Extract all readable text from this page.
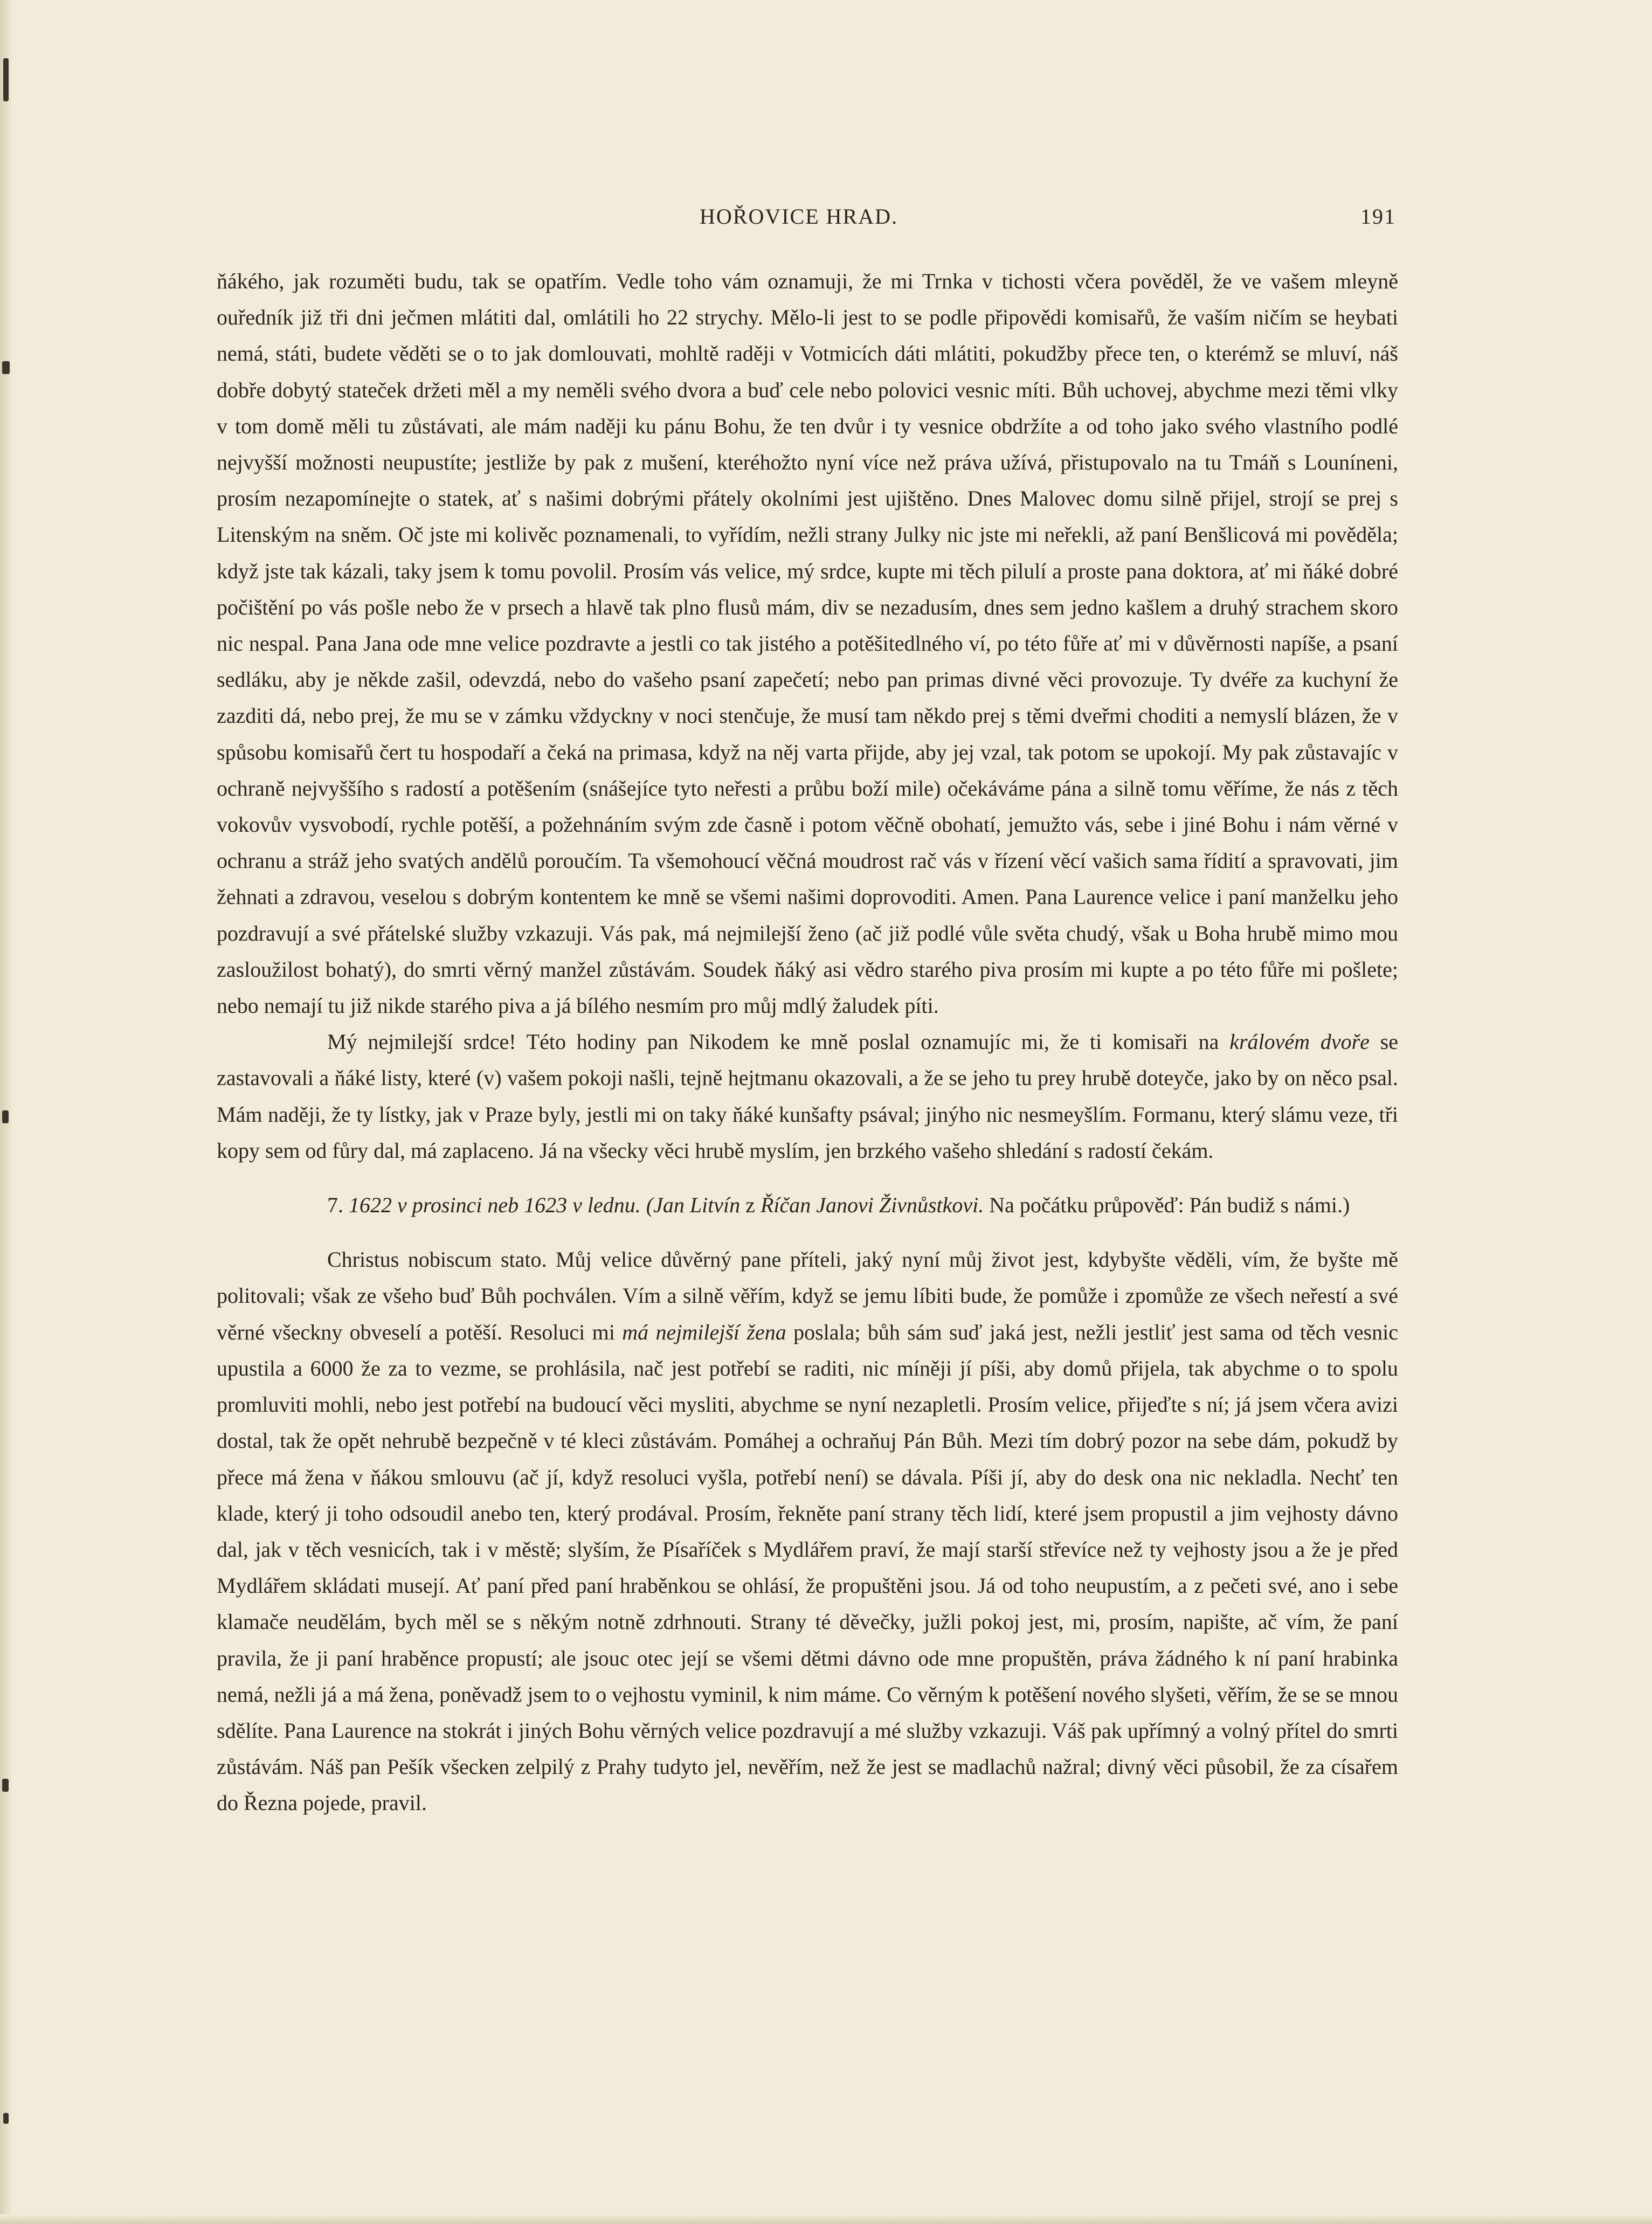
HOŘOVICE HRAD.	191

ňákého, jak rozuměti budu, tak se opatřím. Vedle toho vám oznamuji, že mi Trnka v tichosti včera pověděl, že ve vašem mleyně ouředník již tři dni ječmen mlátiti dal, omlátili ho 22 strychy. Mělo-li jest to se podle připovědi komisařů, že vaším ničím se heybati nemá, státi, budete věděti se o to jak domlouvati, mohltě raději v Votmicích dáti mlátiti, pokudžby přece ten, o kterémž se mluví, náš dobře dobytý stateček držeti měl a my neměli svého dvora a buď cele nebo polovici vesnic míti. Bůh uchovej, abychme mezi těmi vlky v tom domě měli tu zůstávati, ale mám naději ku pánu Bohu, že ten dvůr i ty vesnice obdržíte a od toho jako svého vlastního podlé nejvyšší možnosti neupustíte; jestliže by pak z mušení, kteréhožto nyní více než práva užívá, přistupovalo na tu Tmáň s Louníneni, prosím nezapomínejte o statek, ať s našimi dobrými přátely okolními jest ujištěno. Dnes Malovec domu silně přijel, strojí se prej s Litenským na sněm. Oč jste mi kolivěc poznamenali, to vyřídím, nežli strany Julky nic jste mi neřekli, až paní Benšlicová mi pověděla; když jste tak kázali, taky jsem k tomu povolil. Prosím vás velice, mý srdce, kupte mi těch pilulí a proste pana doktora, ať mi ňáké dobré počištění po vás pošle nebo že v prsech a hlavě tak plno flusů mám, div se nezadusím, dnes sem jedno kašlem a druhý strachem skoro nic nespal. Pana Jana ode mne velice pozdravte a jestli co tak jistého a potěšitedlného ví, po této fůře ať mi v důvěrnosti napíše, a psaní sedláku, aby je někde zašil, odevzdá, nebo do vašeho psaní zapečetí; nebo pan primas divné věci provozuje. Ty dvéře za kuchyní že zazditi dá, nebo prej, že mu se v zámku vždyckny v noci stenčuje, že musí tam někdo prej s těmi dveřmi choditi a nemyslí blázen, že v spůsobu komisařů čert tu hospodaří a čeká na primasa, když na něj varta přijde, aby jej vzal, tak potom se upokojí. My pak zůstavajíc v ochraně nejvyššího s radostí a potěšením (snášejíce tyto neřesti a průbu boží mile) očekáváme pána a silně tomu věříme, že nás z těch vokovův vysvobodí, rychle potěší, a požehnáním svým zde časně i potom věčně obohatí, jemužto vás, sebe i jiné Bohu i nám věrné v ochranu a stráž jeho svatých andělů poroučím. Ta všemohoucí věčná moudrost rač vás v řízení věcí vašich sama řídití a spravovati, jim žehnati a zdravou, veselou s dobrým kontentem ke mně se všemi našimi doprovoditi. Amen. Pana Laurence velice i paní manželku jeho pozdravují a své přátelské služby vzkazuji. Vás pak, má nejmilejší ženo (ač již podlé vůle světa chudý, však u Boha hrubě mimo mou zasloužilost bohatý), do smrti věrný manžel zůstávám. Soudek ňáký asi vědro starého piva prosím mi kupte a po této fůře mi pošlete; nebo nemají tu již nikde starého piva a já bílého nesmím pro můj mdlý žaludek píti.

Mý nejmilejší srdce! Této hodiny pan Nikodem ke mně poslal oznamujíc mi, že ti komisaři na královém dvoře se zastavovali a ňáké listy, které (v) vašem pokoji našli, tejně hejtmanu okazovali, a že se jeho tu prey hrubě doteyče, jako by on něco psal. Mám naději, že ty lístky, jak v Praze byly, jestli mi on taky ňáké kunšafty psával; jinýho nic nesmeyšlím. Formanu, který slámu veze, tři kopy sem od fůry dal, má zaplaceno. Já na všecky věci hrubě myslím, jen brzkého vašeho shledání s radostí čekám.

7. 1622 v prosinci neb 1623 v lednu. (Jan Litvín z Říčan Janovi Živnůstkovi. Na počátku průpověď: Pán budiž s námi.)

Christus nobiscum stato. Můj velice důvěrný pane příteli, jaký nyní můj život jest, kdybyšte věděli, vím, že byšte mě politovali; však ze všeho buď Bůh pochválen. Vím a silně věřím, když se jemu líbiti bude, že pomůže i zpomůže ze všech neřestí a své věrné všeckny obveselí a potěší. Resoluci mi má nejmilejší žena poslala; bůh sám suď jaká jest, nežli jestliť jest sama od těch vesnic upustila a 6000 že za to vezme, se prohlásila, nač jest potřebí se raditi, nic míněji jí píši, aby domů přijela, tak abychme o to spolu promluviti mohli, nebo jest potřebí na budoucí věci mysliti, abychme se nyní nezapletli. Prosím velice, přijeďte s ní; já jsem včera avizi dostal, tak že opět nehrubě bezpečně v té kleci zůstávám. Pomáhej a ochraňuj Pán Bůh. Mezi tím dobrý pozor na sebe dám, pokudž by přece má žena v ňákou smlouvu (ač jí, když resoluci vyšla, potřebí není) se dávala. Píši jí, aby do desk ona nic nekladla. Nechť ten klade, který ji toho odsoudil anebo ten, který prodával. Prosím, řekněte paní strany těch lidí, které jsem propustil a jim vejhosty dávno dal, jak v těch vesnicích, tak i v městě; slyším, že Písaříček s Mydlářem praví, že mají starší střevíce než ty vejhosty jsou a že je před Mydlářem skládati musejí. Ať paní před paní hraběnkou se ohlásí, že propuštěni jsou. Já od toho neupustím, a z pečeti své, ano i sebe klamače neudělám, bych měl se s někým notně zdrhnouti. Strany té děvečky, južli pokoj jest, mi, prosím, napište, ač vím, že paní pravila, že ji paní hraběnce propustí; ale jsouc otec její se všemi dětmi dávno ode mne propuštěn, práva žádného k ní paní hrabinka nemá, nežli já a má žena, poněvadž jsem to o vejhostu vyminil, k nim máme. Co věrným k potěšení nového slyšeti, věřím, že se se mnou sdělíte. Pana Laurence na stokrát i jiných Bohu věrných velice pozdravují a mé služby vzkazuji. Váš pak upřímný a volný přítel do smrti zůstávám. Náš pan Pešík všecken zelpilý z Prahy tudyto jel, nevěřím, než že jest se madlachů nažral; divný věci působil, že za císařem do Řezna pojede, pravil.
